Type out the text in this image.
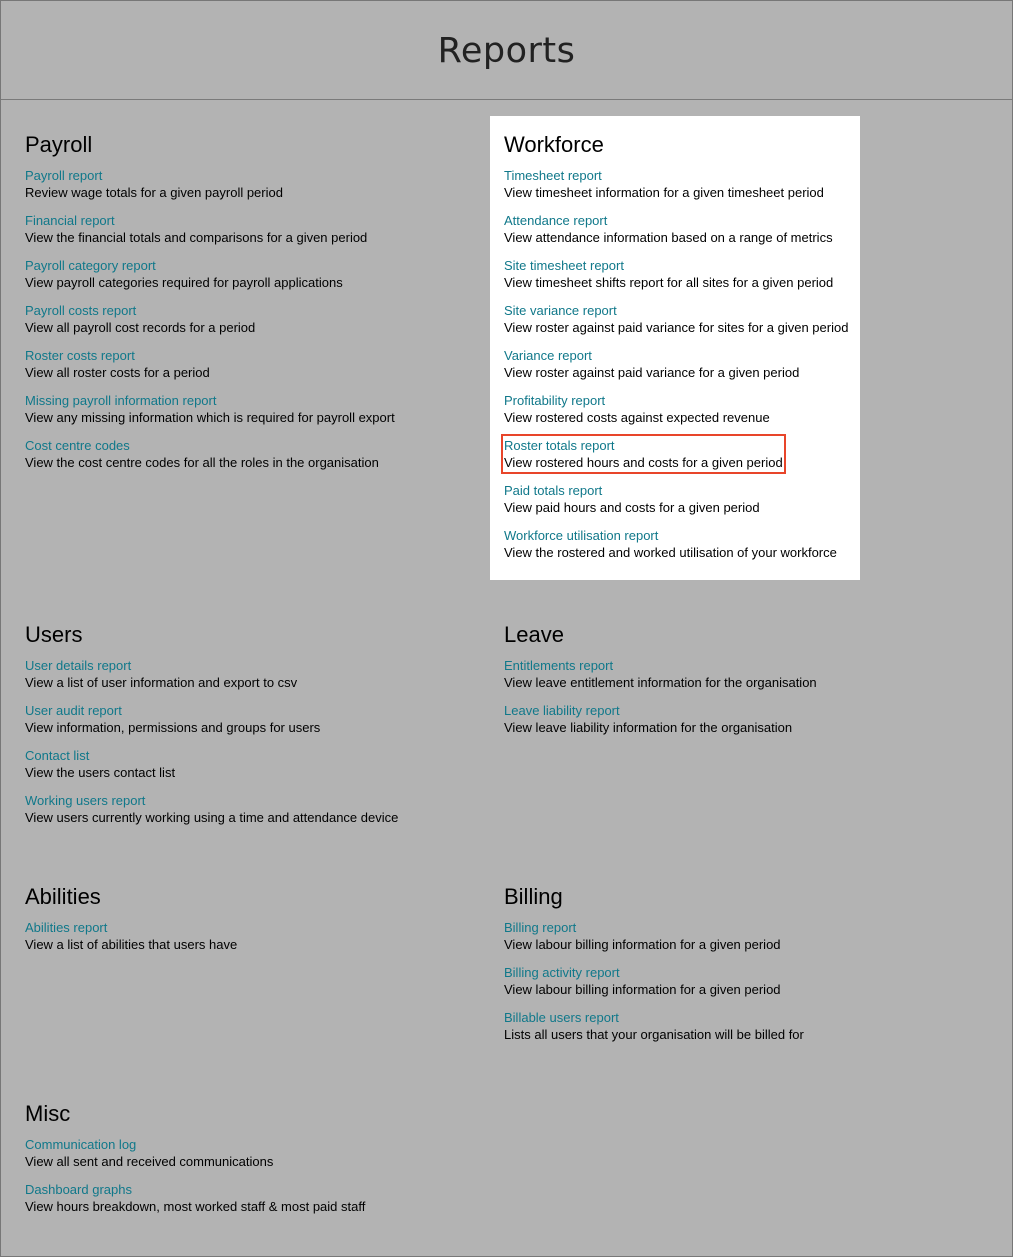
Reports
Payroll
Payroll report
Review wage totals for a given payroll period
Financial report
View the financial totals and comparisons for a given period
Payroll category report
View payroll categories required for payroll applications
Payroll costs report
View all payroll cost records for a period
Roster costs report
View all roster costs for a period
Missing payroll information report
View any missing information which is required for payroll export
Cost centre codes
View the cost centre codes for all the roles in the organisation
Workforce
Timesheet report
View timesheet information for a given timesheet period
Attendance report
View attendance information based on a range of metrics
Site timesheet report
View timesheet shifts report for all sites for a given period
Site variance report
View roster against paid variance for sites for a given period
Variance report
View roster against paid variance for a given period
Profitability report
View rostered costs against expected revenue
Roster totals report
View rostered hours and costs for a given period
Paid totals report
View paid hours and costs for a given period
Workforce utilisation report
View the rostered and worked utilisation of your workforce
Users
User details report
View a list of user information and export to csv
User audit report
View information, permissions and groups for users
Contact list
View the users contact list
Working users report
View users currently working using a time and attendance device
Leave
Entitlements report
View leave entitlement information for the organisation
Leave liability report
View leave liability information for the organisation
Abilities
Abilities report
View a list of abilities that users have
Billing
Billing report
View labour billing information for a given period
Billing activity report
View labour billing information for a given period
Billable users report
Lists all users that your organisation will be billed for
Misc
Communication log
View all sent and received communications
Dashboard graphs
View hours breakdown, most worked staff & most paid staff
